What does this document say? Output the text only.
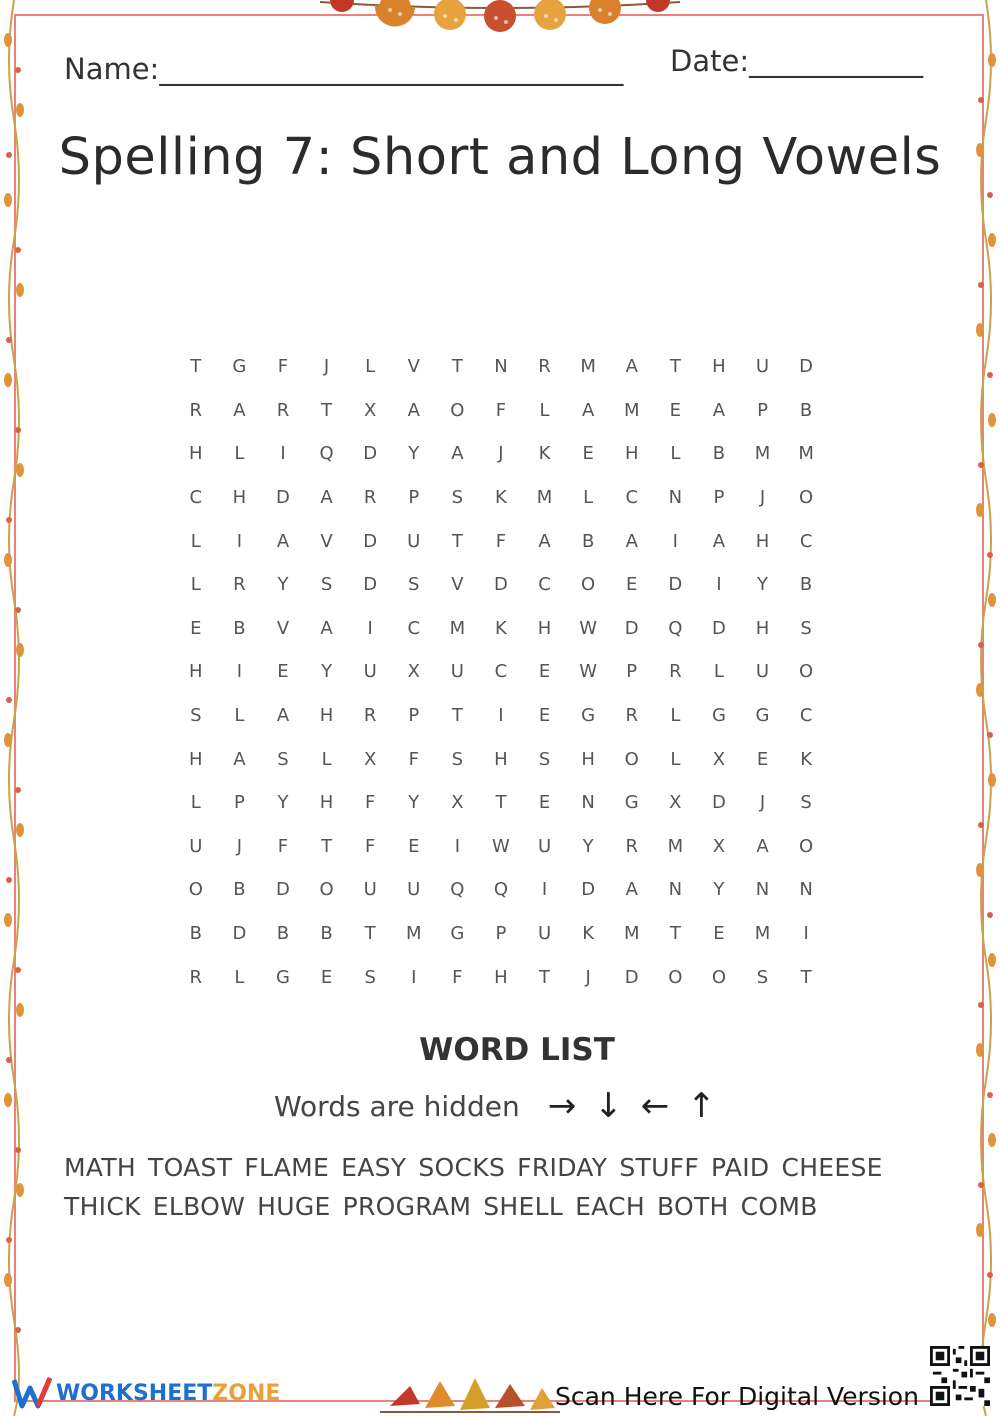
Name:________________________________ Date:____________
Spelling 7: Short and Long Vowels
T	G	F	J	L	V	T	N	R	M	A	T	H	U	D
R	A	R	T	X	A	O	F	L	A	M	E	A	P	B
H	L	I	Q	D	Y	A	J	K	E	H	L	B	M	M
C	H	D	A	R	P	S	K	M	L	C	N	P	J	O
L	I	A	V	D	U	T	F	A	B	A	I	A	H	C
L	R	Y	S	D	S	V	D	C	O	E	D	I	Y	B
E	B	V	A	I	C	M	K	H	W	D	Q	D	H	S
H	I	E	Y	U	X	U	C	E	W	P	R	L	U	O
S	L	A	H	R	P	T	I	E	G	R	L	G	G	C
H	A	S	L	X	F	S	H	S	H	O	L	X	E	K
L	P	Y	H	F	Y	X	T	E	N	G	X	D	J	S
U	J	F	T	F	E	I	W	U	Y	R	M	X	A	O
O	B	D	O	U	U	Q	Q	I	D	A	N	Y	N	N
B	D	B	B	T	M	G	P	U	K	M	T	E	M	I
R	L	G	E	S	I	F	H	T	J	D	O	O	S	T
WORD LIST
Words are hidden → ↓ ← ↑
MATH TOAST FLAME EASY SOCKS FRIDAY STUFF PAID CHEESE
THICK ELBOW HUGE PROGRAM SHELL EACH BOTH COMB
WORKSHEET ZONE	Scan Here For Digital Version
